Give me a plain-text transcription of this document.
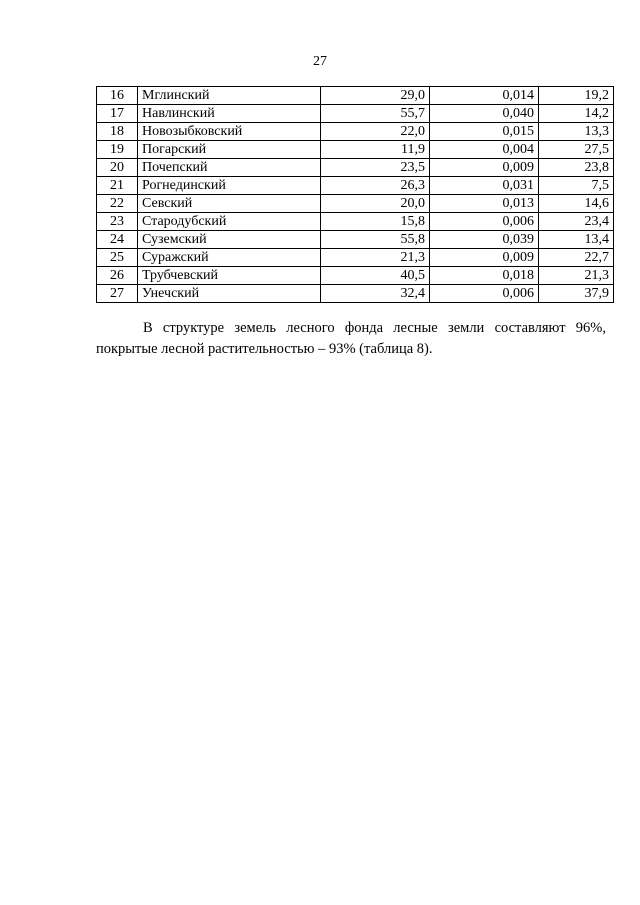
27
16	Мглинский	29,0	0,014	19,2
17	Навлинский	55,7	0,040	14,2
18	Новозыбковский	22,0	0,015	13,3
19	Погарский	11,9	0,004	27,5
20	Почепский	23,5	0,009	23,8
21	Рогнединский	26,3	0,031	7,5
22	Севский	20,0	0,013	14,6
23	Стародубский	15,8	0,006	23,4
24	Суземский	55,8	0,039	13,4
25	Суражский	21,3	0,009	22,7
26	Трубчевский	40,5	0,018	21,3
27	Унечский	32,4	0,006	37,9
В структуре земель лесного фонда лесные земли составляют 96%, покрытые лесной растительностью – 93% (таблица 8).
